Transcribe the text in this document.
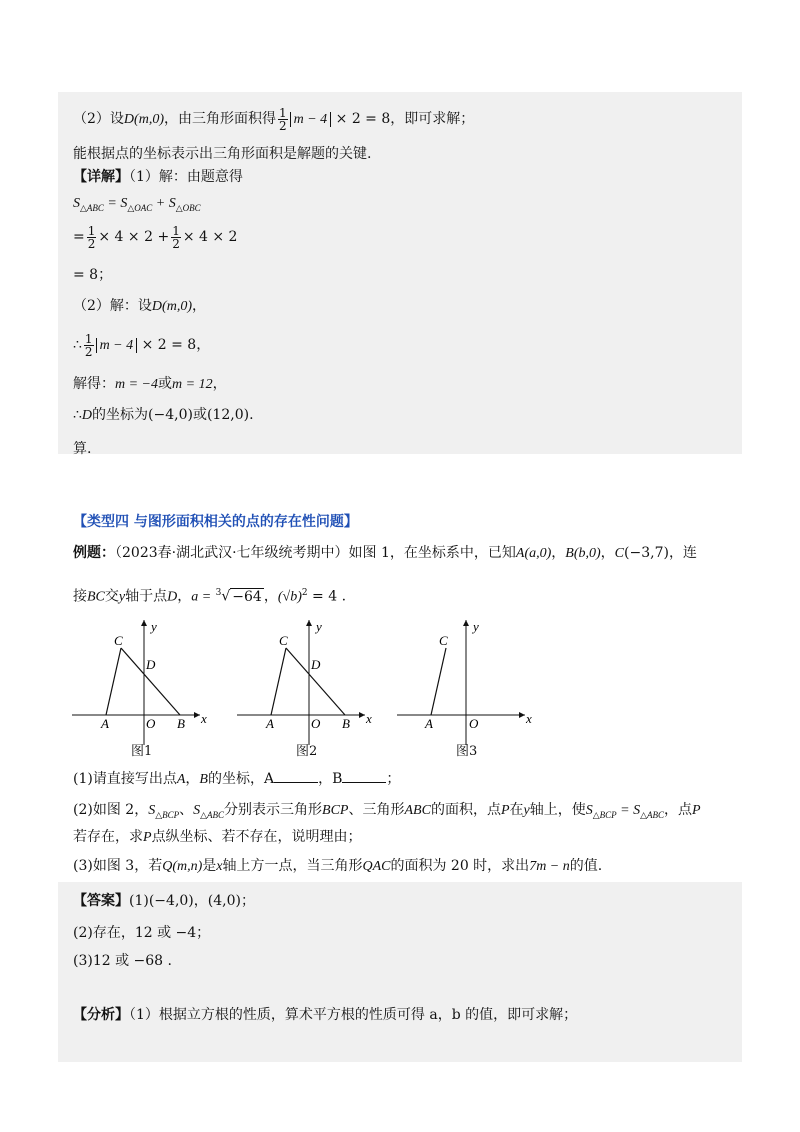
（2）设D(m,0)，由三角形面积得 $\frac{1}{2}$ m − 4 × 2 = 8，即可求解；
能根据点的坐标表示出三角形面积是解题的关键.
【详解】（1）解：由题意得
$S_{\triangle ABC} = S_{\triangle OAC} + S_{\triangle OBC}$
= $\frac{1}{2} \times 4 \times 2 + \frac{1}{2} \times 4 \times 2$
= 8；
（2）解：设D(m,0)，
∴ $\frac{1}{2}$ m − 4 × 2 = 8，
解得：m = −4或m = 12，
∴D的坐标为(−4,0)或(12,0).
算.
【类型四 与图形面积相关的点的存在性问题】
例题：（2023春·湖北武汉·七年级统考期中）如图 1，在坐标系中，已知A(a,0)，B(b,0)，C(−3,7)，连
接BC交y轴于点D，a = $^3$√ −64 ，$(√b)^2 = 4$ .
C
D
A	O B x
y
C
D
A	O B x
y
C
A	O	x
y
图1	图2	图3
(1)请直接写出点A，B的坐标，A	，B	；
(2)如图 2，$S_{\triangle BCP}$、$S_{\triangle ABC}$分别表示三角形BCP、三角形ABC的面积，点P在y轴上，使$S_{\triangle BCP} = S_{\triangle ABC}$，点P
若存在，求P点纵坐标、若不存在，说明理由；
(3)如图 3，若Q(m,n)是x轴上方一点，当三角形QAC的面积为 20 时，求出7m − n的值.
【答案】(1)(−4,0)，(4,0)；
(2)存在，12 或 −4；
(3)12 或 −68 .
【分析】（1）根据立方根的性质，算术平方根的性质可得 a，b 的值，即可求解；
